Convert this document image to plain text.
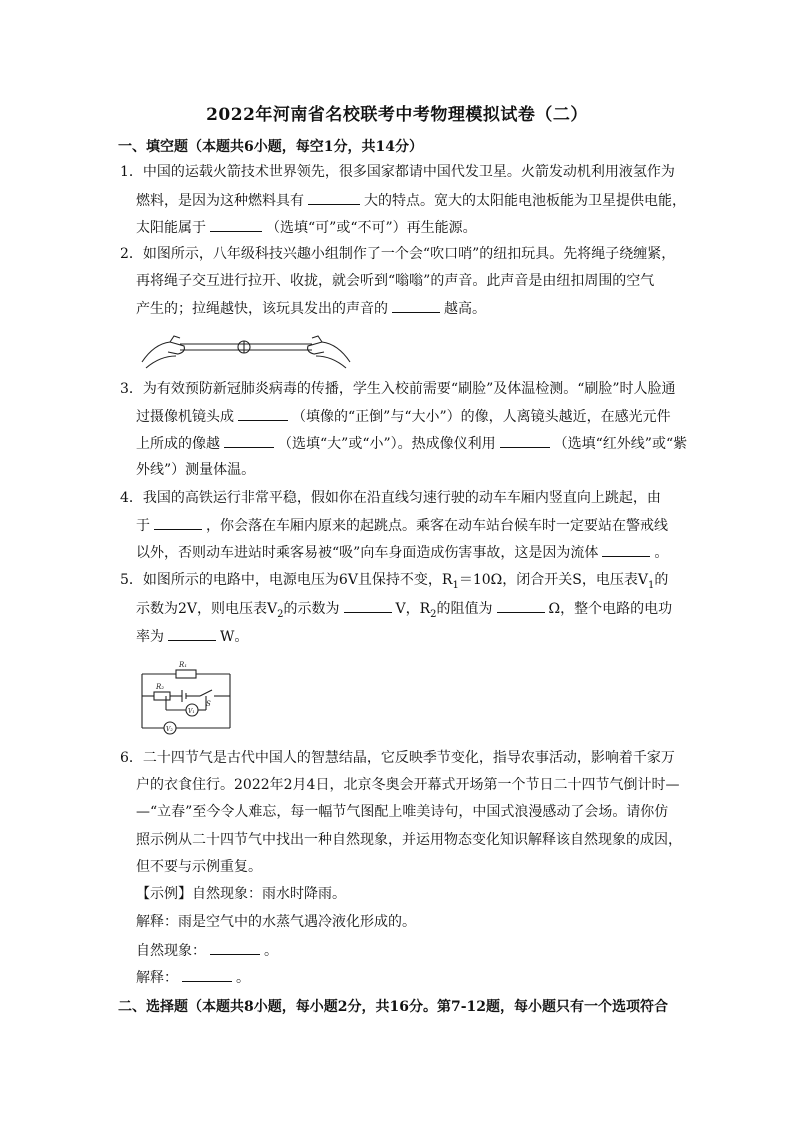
2022年河南省名校联考中考物理模拟试卷（二）
一、填空题（本题共6小题，每空1分，共14分）
1．中国的运载火箭技术世界领先，很多国家都请中国代发卫星。火箭发动机利用液氢作为
燃料，是因为这种燃料具有	大的特点。宽大的太阳能电池板能为卫星提供电能，
太阳能属于	（选填“可”或“不可”）再生能源。
2．如图所示，八年级科技兴趣小组制作了一个会“吹口哨”的纽扣玩具。先将绳子绕缠紧，
再将绳子交互进行拉开、收拢，就会听到“嗡嗡”的声音。此声音是由纽扣周围的空气
产生的；拉绳越快，该玩具发出的声音的	越高。
3．为有效预防新冠肺炎病毒的传播，学生入校前需要“刷脸”及体温检测。“刷脸”时人脸通
过摄像机镜头成	（填像的“正倒”与“大小”）的像，人离镜头越近，在感光元件
上所成的像越	（选填“大”或“小”）。热成像仪利用	（选填“红外线”或“紫
外线”）测量体温。
4．我国的高铁运行非常平稳，假如你在沿直线匀速行驶的动车车厢内竖直向上跳起，由
于	，你会落在车厢内原来的起跳点。乘客在动车站台候车时一定要站在警戒线
以外，否则动车进站时乘客易被“吸”向车身面造成伤害事故，这是因为流体	。
5．如图所示的电路中，电源电压为6V且保持不变，$R_1=10\Omega$，闭合开关S，电压表$V_1$的
示数为2V，则电压表$V_2$的示数为	V，$R_2$的阻值为	Ω，整个电路的电功
率为	W。
R₁
R₂
S
V₁
V₂
6．二十四节气是古代中国人的智慧结晶，它反映季节变化，指导农事活动，影响着千家万
户的衣食住行。2022年2月4日，北京冬奥会开幕式开场第一个节日二十四节气倒计时—
—“立春”至今令人难忘，每一幅节气图配上唯美诗句，中国式浪漫感动了会场。请你仿
照示例从二十四节气中找出一种自然现象，并运用物态变化知识解释该自然现象的成因，
但不要与示例重复。
【示例】自然现象：雨水时降雨。
解释：雨是空气中的水蒸气遇冷液化形成的。
自然现象：	。
解释：	。
二、选择题（本题共8小题，每小题2分，共16分。第7-12题，每小题只有一个选项符合
